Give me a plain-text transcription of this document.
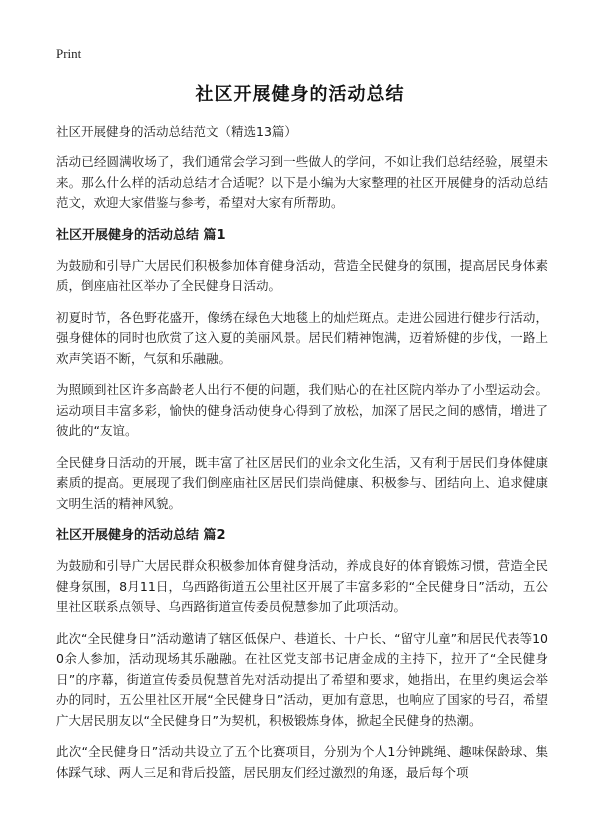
Print
社区开展健身的活动总结

社区开展健身的活动总结范文（精选13篇）

活动已经圆满收场了，我们通常会学习到一些做人的学问，不如让我们总结经验，展望未来。那么什么样的活动总结才合适呢？以下是小编为大家整理的社区开展健身的活动总结范文，欢迎大家借鉴与参考，希望对大家有所帮助。

社区开展健身的活动总结 篇1

为鼓励和引导广大居民们积极参加体育健身活动，营造全民健身的氛围，提高居民身体素质，倒座庙社区举办了全民健身日活动。

初夏时节，各色野花盛开，像绣在绿色大地毯上的灿烂斑点。走进公园进行健步行活动，强身健体的同时也欣赏了这入夏的美丽风景。居民们精神饱满，迈着矫健的步伐，一路上欢声笑语不断，气氛和乐融融。

为照顾到社区许多高龄老人出行不便的问题，我们贴心的在社区院内举办了小型运动会。运动项目丰富多彩，愉快的健身活动使身心得到了放松，加深了居民之间的感情，增进了彼此的“友谊。

全民健身日活动的开展，既丰富了社区居民们的业余文化生活，又有利于居民们身体健康素质的提高。更展现了我们倒座庙社区居民们崇尚健康、积极参与、团结向上、追求健康文明生活的精神风貌。

社区开展健身的活动总结 篇2

为鼓励和引导广大居民群众积极参加体育健身活动，养成良好的体育锻炼习惯，营造全民健身氛围，8月11日，乌西路街道五公里社区开展了丰富多彩的“全民健身日”活动，五公里社区联系点领导、乌西路街道宣传委员倪慧参加了此项活动。

此次“全民健身日”活动邀请了辖区低保户、巷道长、十户长、“留守儿童”和居民代表等100余人参加，活动现场其乐融融。在社区党支部书记唐金成的主持下，拉开了“全民健身日”的序幕，街道宣传委员倪慧首先对活动提出了希望和要求，她指出，在里约奥运会举办的同时，五公里社区开展“全民健身日”活动，更加有意思，也响应了国家的号召，希望广大居民朋友以“全民健身日”为契机，积极锻炼身体，掀起全民健身的热潮。

此次“全民健身日”活动共设立了五个比赛项目，分别为个人1分钟跳绳、趣味保龄球、集体踩气球、两人三足和背后投篮，居民朋友们经过激烈的角逐，最后每个项
